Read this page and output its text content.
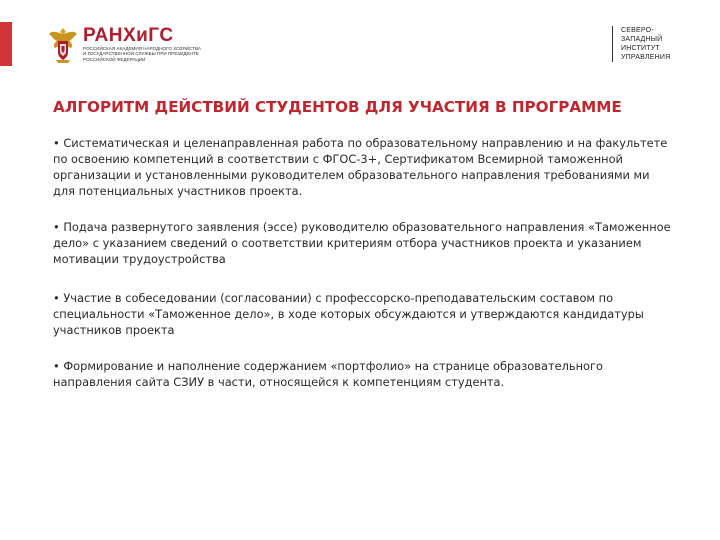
РАНХиГС
РОССИЙСКАЯ АКАДЕМИЯ НАРОДНОГО ХОЗЯЙСТВА И ГОСУДАРСТВЕННОЙ СЛУЖБЫ ПРИ ПРЕЗИДЕНТЕ РОССИЙСКОЙ ФЕДЕРАЦИИ
СЕВЕРО-
ЗАПАДНЫЙ
ИНСТИТУТ
УПРАВЛЕНИЯ
АЛГОРИТМ ДЕЙСТВИЙ СТУДЕНТОВ ДЛЯ УЧАСТИЯ В ПРОГРАММЕ

• Систематическая и целенаправленная работа по образовательному направлению и на факультете по освоению компетенций в соответствии с ФГОС-3+, Сертификатом Всемирной таможенной организации и установленными руководителем образовательного направления требованиями ми для потенциальных участников проекта.

• Подача развернутого заявления (эссе) руководителю образовательного направления «Таможенное дело» с указанием сведений о соответствии критериям отбора участников проекта и указанием мотивации трудоустройства

• Участие в собеседовании (согласовании) с профессорско-преподавательским составом по специальности «Таможенное дело», в ходе которых обсуждаются и утверждаются кандидатуры участников проекта

• Формирование и наполнение содержанием «портфолио» на странице образовательного направления сайта СЗИУ в части, относящейся к компетенциям студента.
